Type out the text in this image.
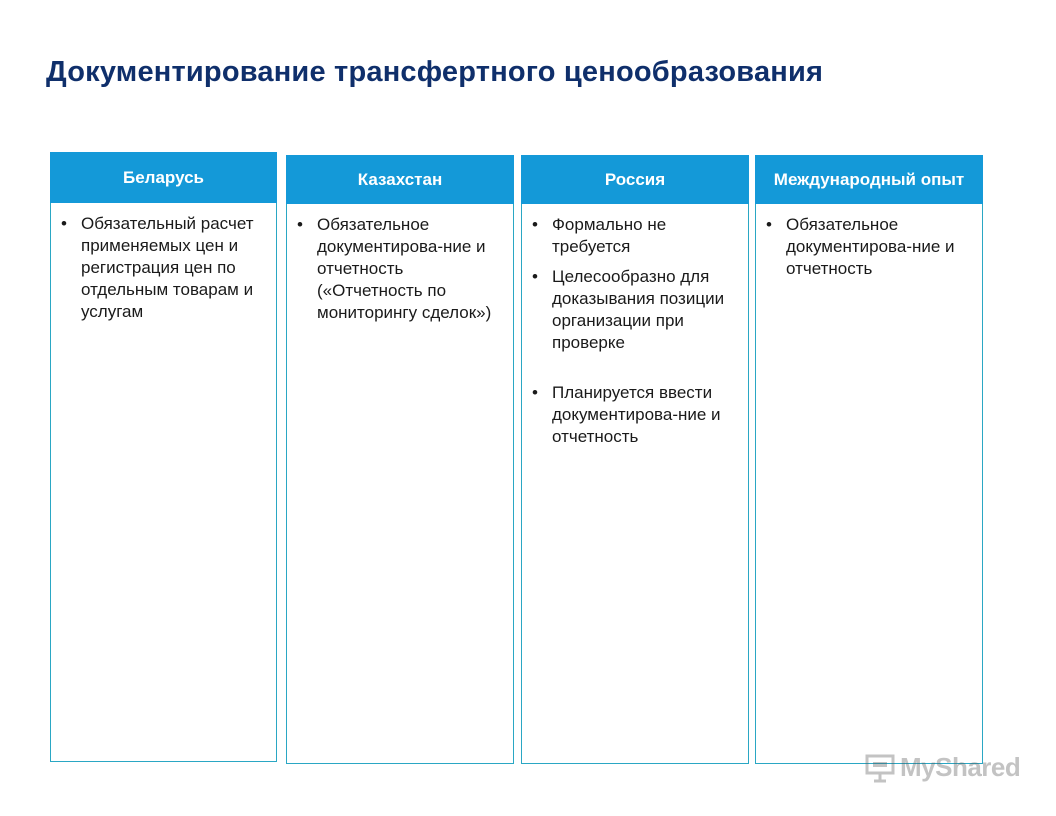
Документирование трансфертного ценообразования
Беларусь
• Обязательный расчет применяемых цен и регистрация цен по отдельным товарам и услугам
Казахстан
• Обязательное документирова-ние и отчетность («Отчетность по мониторингу сделок»)
Россия
• Формально не требуется
• Целесообразно для доказывания позиции организации при проверке
• Планируется ввести документирова-ние и отчетность
Международный опыт
• Обязательное документирова-ние и отчетность
MyShared
